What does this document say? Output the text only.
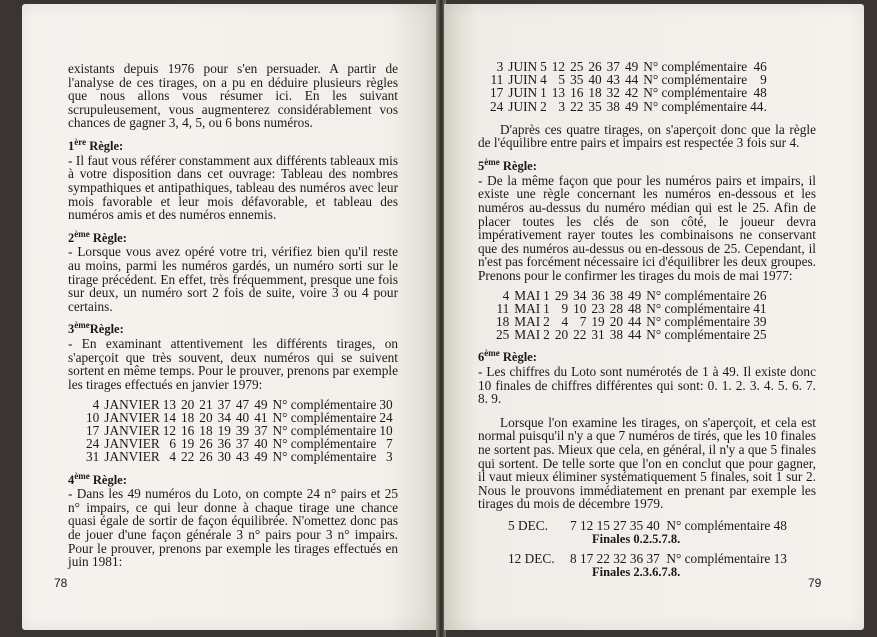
existants depuis 1976 pour s'en persuader. A partir de l'analyse de ces tirages, on a pu en déduire plusieurs règles que nous allons vous résumer ici. En les suivant scrupuleusement, vous augmenterez considérablement vos chances de gagner 3, 4, 5, ou 6 bons numéros.

1ère Règle:

- Il faut vous référer constamment aux différents tableaux mis à votre disposition dans cet ouvrage: Tableau des nombres sympathiques et antipathiques, tableau des numéros avec leur mois favorable et leur mois défavorable, et tableau des numéros amis et des numéros ennemis.

2ème Règle:

- Lorsque vous avez opéré votre tri, vérifiez bien qu'il reste au moins, parmi les numéros gardés, un numéro sorti sur le tirage précédent. En effet, très fréquemment, presque une fois sur deux, un numéro sort 2 fois de suite, voire 3 ou 4 pour certains.

3èmeRègle:

- En examinant attentivement les différents tirages, on s'aperçoit que très souvent, deux numéros qui se suivent sortent en même temps. Pour le prouver, prenons par exemple les tirages effectués en janvier 1979:

4	JANVIER	13	20	21	37	47	49	N° complémentaire	30
10	JANVIER	14	18	20	34	40	41	N° complémentaire	24
17	JANVIER	12	16	18	19	39	37	N° complémentaire	10
24	JANVIER	6	19	26	36	37	40	N° complémentaire	7
31	JANVIER	4	22	26	30	43	49	N° complémentaire	3
4ème Règle:

- Dans les 49 numéros du Loto, on compte 24 n° pairs et 25 n° impairs, ce qui leur donne à chaque tirage une chance quasi égale de sortir de façon équilibrée. N'omettez donc pas de jouer d'une façon générale 3 n° pairs pour 3 n° impairs. Pour le prouver, prenons par exemple les tirages effectués en juin 1981:

78
3	JUIN	5	12	25	26	37	49	N° complémentaire	46
11	JUIN	4	5	35	40	43	44	N° complémentaire	9
17	JUIN	1	13	16	18	32	42	N° complémentaire	48
24	JUIN	2	3	22	35	38	49	N° complémentaire	44.

D'après ces quatre tirages, on s'aperçoit donc que la règle de l'équilibre entre pairs et impairs est respectée 3 fois sur 4.

5ème Règle:

- De la même façon que pour les numéros pairs et impairs, il existe une règle concernant les numéros en-dessous et les numéros au-dessus du numéro médian qui est le 25. Afin de placer toutes les clés de son côté, le joueur devra impérativement rayer toutes les combinaisons ne conservant que des numéros au-dessus ou en-dessous de 25. Cependant, il n'est pas forcément nécessaire ici d'équilibrer les deux groupes. Prenons pour le confirmer les tirages du mois de mai 1977:

4	MAI	1	29	34	36	38	49	N° complémentaire	26
11	MAI	1	9	10	23	28	48	N° complémentaire	41
18	MAI	2	4	7	19	20	44	N° complémentaire	39
25	MAI	2	20	22	31	38	44	N° complémentaire	25
6ème Règle:

- Les chiffres du Loto sont numérotés de 1 à 49. Il existe donc 10 finales de chiffres différentes qui sont: 0. 1. 2. 3. 4. 5. 6. 7. 8. 9.

Lorsque l'on examine les tirages, on s'aperçoit, et cela est normal puisqu'il n'y a que 7 numéros de tirés, que les 10 finales ne sortent pas. Mieux que cela, en général, il n'y a que 5 finales qui sortent. De telle sorte que l'on en conclut que pour gagner, il vaut mieux éliminer systématiquement 5 finales, soit 1 sur 2. Nous le prouvons immédiatement en prenant par exemple les tirages du mois de décembre 1979.

5 DEC. 7 12 15 27 35 40  N° complémentaire 48
Finales 0.2.5.7.8.
12 DEC. 8 17 22 32 36 37  N° complémentaire 13
Finales 2.3.6.7.8.
79
